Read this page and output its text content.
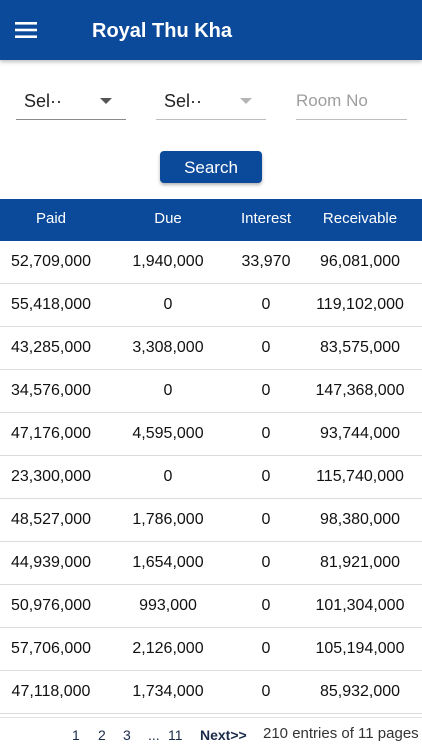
Royal Thu Kha
Sel··	Sel··
Room No
Search
Paid	Due	Interest	Receivable
52,709,000	1,940,000	33,970	96,081,000
55,418,000	0	0	119,102,000
43,285,000	3,308,000	0	83,575,000
34,576,000	0	0	147,368,000
47,176,000	4,595,000	0	93,744,000
23,300,000	0	0	115,740,000
48,527,000	1,786,000	0	98,380,000
44,939,000	1,654,000	0	81,921,000
50,976,000	993,000	0	101,304,000
57,706,000	2,126,000	0	105,194,000
47,118,000	1,734,000	0	85,932,000
1 2 3 ... 11 Next>> 210 entries of 11 pages
